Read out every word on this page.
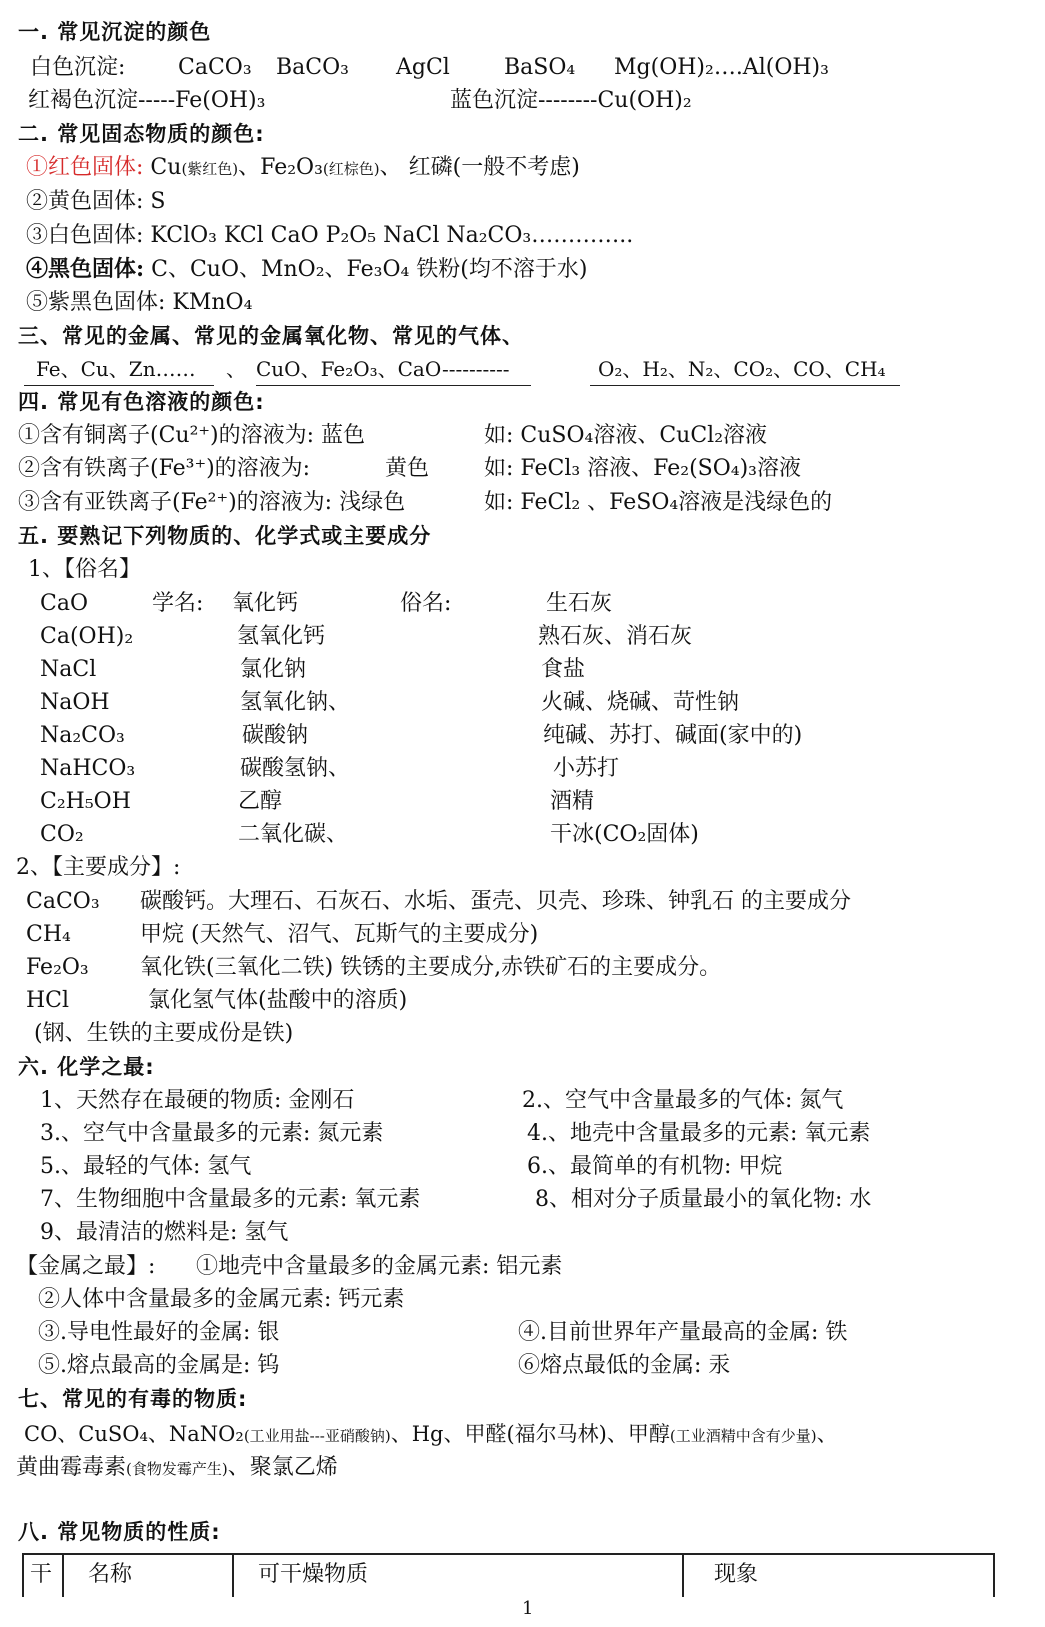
一. 常见沉淀的颜色
白色沉淀: CaCO₃ BaCO₃ AgCl BaSO₄ Mg(OH)₂….Al(OH)₃
红褐色沉淀-----Fe(OH)₃	蓝色沉淀--------Cu(OH)₂
二. 常见固态物质的颜色:
①红色固体: Cu(紫红色)、Fe₂O₃(红棕色)、 红磷(一般不考虑)
②黄色固体: S
③白色固体: KClO₃ KCl CaO P₂O₅ NaCl Na₂CO₃…………..
④黑色固体: C、CuO、MnO₂、Fe₃O₄ 铁粉(均不溶于水)
⑤紫黑色固体: KMnO₄
三、常见的金属、常见的金属氧化物、常见的气体、
Fe、Cu、Zn……	、 CuO、Fe₂O₃、CaO----------	O₂、H₂、N₂、CO₂、CO、CH₄
四. 常见有色溶液的颜色:
①含有铜离子(Cu²⁺)的溶液为: 蓝色	如: CuSO₄溶液、CuCl₂溶液
②含有铁离子(Fe³⁺)的溶液为:	黄色 如: FeCl₃ 溶液、Fe₂(SO₄)₃溶液
③含有亚铁离子(Fe²⁺)的溶液为: 浅绿色	如: FeCl₂ 、FeSO₄溶液是浅绿色的
五. 要熟记下列物质的、化学式或主要成分
1、【俗名】
CaO	学名: 氧化钙	俗名:	生石灰
Ca(OH)₂	氢氧化钙	熟石灰、消石灰
NaCl	氯化钠	食盐
NaOH	氢氧化钠、	火碱、烧碱、苛性钠
Na₂CO₃	碳酸钠	纯碱、苏打、碱面(家中的)
NaHCO₃	碳酸氢钠、	小苏打
C₂H₅OH	乙醇	酒精
CO₂	二氧化碳、	干冰(CO₂固体)
2、【主要成分】:
CaCO₃ 碳酸钙。大理石、石灰石、水垢、蛋壳、贝壳、珍珠、钟乳石 的主要成分
CH₄	甲烷 (天然气、沼气、瓦斯气的主要成分)
Fe₂O₃ 氧化铁(三氧化二铁) 铁锈的主要成分,赤铁矿石的主要成分。
HCl	氯化氢气体(盐酸中的溶质)
(钢、生铁的主要成份是铁)
六. 化学之最:
1、天然存在最硬的物质: 金刚石	2.、空气中含量最多的气体: 氮气
3.、空气中含量最多的元素: 氮元素	4.、地壳中含量最多的元素: 氧元素
5.、最轻的气体: 氢气	6.、最简单的有机物: 甲烷
7、生物细胞中含量最多的元素: 氧元素	8、相对分子质量最小的氧化物: 水
9、最清洁的燃料是: 氢气
【金属之最】: ①地壳中含量最多的金属元素: 铝元素
②人体中含量最多的金属元素: 钙元素
③.导电性最好的金属: 银	④.目前世界年产量最高的金属: 铁
⑤.熔点最高的金属是: 钨	⑥熔点最低的金属: 汞
七、常见的有毒的物质:
CO、CuSO₄、NaNO₂(工业用盐---亚硝酸钠)、Hg、甲醛(福尔马林)、甲醇(工业酒精中含有少量)、
黄曲霉毒素(食物发霉产生)、聚氯乙烯
八. 常见物质的性质:
干	名称	可干燥物质	现象
1
